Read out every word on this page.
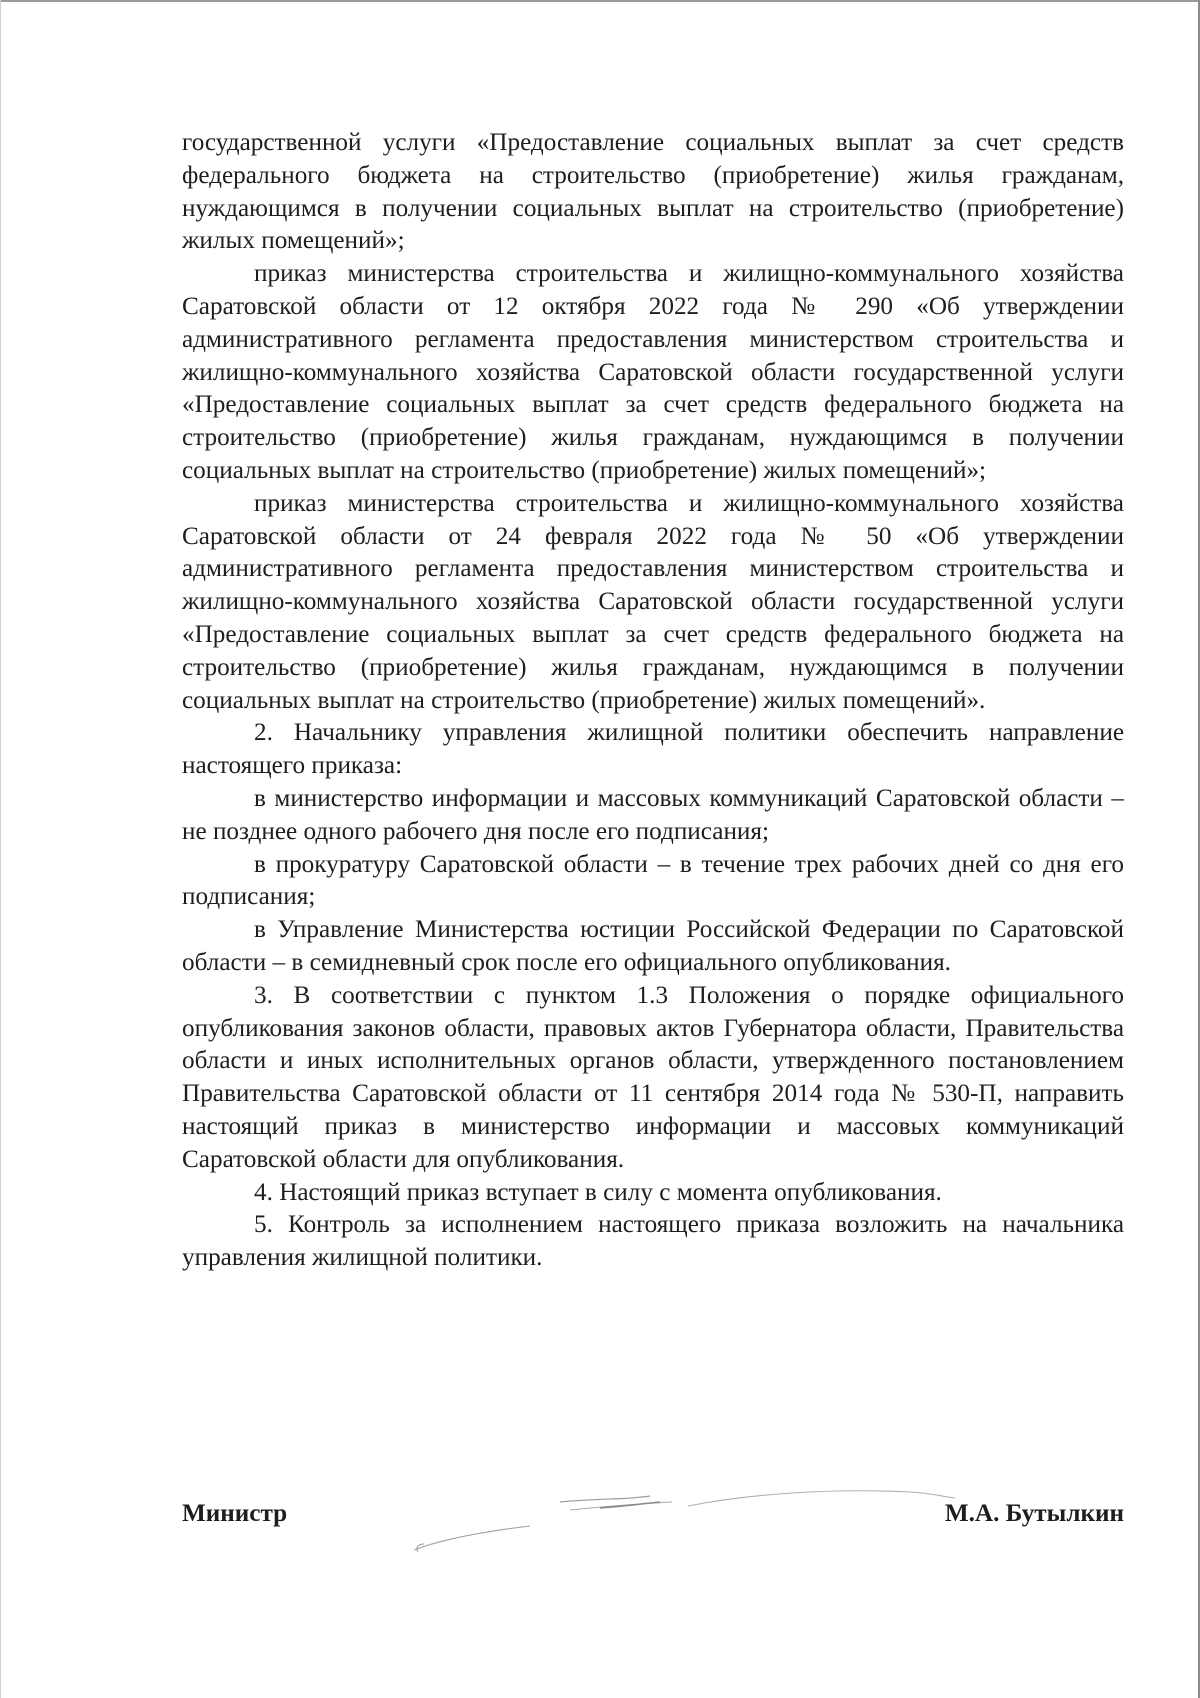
государственной услуги «Предоставление социальных выплат за счет средств федерального бюджета на строительство (приобретение) жилья гражданам, нуждающимся в получении социальных выплат на строительство (приобретение) жилых помещений»;

приказ министерства строительства и жилищно-коммунального хозяйства Саратовской области от 12 октября 2022 года № 290 «Об утверждении административного регламента предоставления министерством строительства и жилищно-коммунального хозяйства Саратовской области государственной услуги «Предоставление социальных выплат за счет средств федерального бюджета на строительство (приобретение) жилья гражданам, нуждающимся в получении социальных выплат на строительство (приобретение) жилых помещений»;

приказ министерства строительства и жилищно-коммунального хозяйства Саратовской области от 24 февраля 2022 года № 50 «Об утверждении административного регламента предоставления министерством строительства и жилищно-коммунального хозяйства Саратовской области государственной услуги «Предоставление социальных выплат за счет средств федерального бюджета на строительство (приобретение) жилья гражданам, нуждающимся в получении социальных выплат на строительство (приобретение) жилых помещений».

2. Начальнику управления жилищной политики обеспечить направление настоящего приказа:

в министерство информации и массовых коммуникаций Саратовской области – не позднее одного рабочего дня после его подписания;

в прокуратуру Саратовской области – в течение трех рабочих дней со дня его подписания;

в Управление Министерства юстиции Российской Федерации по Саратовской области – в семидневный срок после его официального опубликования.

3. В соответствии с пунктом 1.3 Положения о порядке официального опубликования законов области, правовых актов Губернатора области, Правительства области и иных исполнительных органов области, утвержденного постановлением Правительства Саратовской области от 11 сентября 2014 года № 530-П, направить настоящий приказ в министерство информации и массовых коммуникаций Саратовской области для опубликования.

4. Настоящий приказ вступает в силу с момента опубликования.

5. Контроль за исполнением настоящего приказа возложить на начальника управления жилищной политики.

Министр	М.А. Бутылкин
